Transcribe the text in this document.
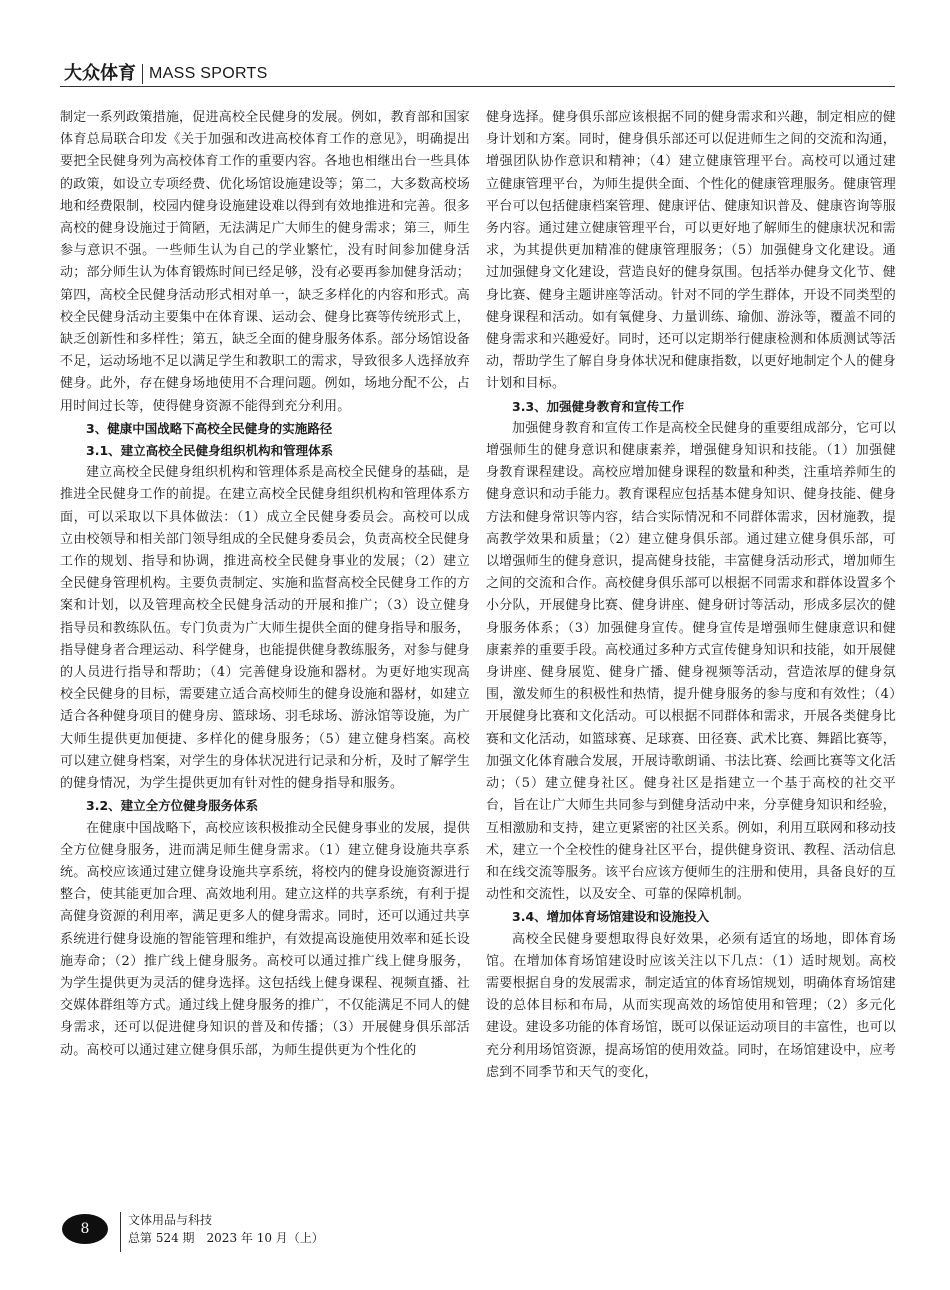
大众体育 MASS SPORTS

制定一系列政策措施，促进高校全民健身的发展。例如，教育部和国家体育总局联合印发《关于加强和改进高校体育工作的意见》，明确提出要把全民健身列为高校体育工作的重要内容。各地也相继出台一些具体的政策，如设立专项经费、优化场馆设施建设等；第二，大多数高校场地和经费限制，校园内健身设施建设难以得到有效地推进和完善。很多高校的健身设施过于简陋，无法满足广大师生的健身需求；第三，师生参与意识不强。一些师生认为自己的学业繁忙，没有时间参加健身活动；部分师生认为体育锻炼时间已经足够，没有必要再参加健身活动；第四，高校全民健身活动形式相对单一，缺乏多样化的内容和形式。高校全民健身活动主要集中在体育课、运动会、健身比赛等传统形式上，缺乏创新性和多样性；第五，缺乏全面的健身服务体系。部分场馆设备不足，运动场地不足以满足学生和教职工的需求，导致很多人选择放弃健身。此外，存在健身场地使用不合理问题。例如，场地分配不公，占用时间过长等，使得健身资源不能得到充分利用。

3、健康中国战略下高校全民健身的实施路径
3.1、建立高校全民健身组织机构和管理体系

建立高校全民健身组织机构和管理体系是高校全民健身的基础，是推进全民健身工作的前提。在建立高校全民健身组织机构和管理体系方面，可以采取以下具体做法：（1）成立全民健身委员会。高校可以成立由校领导和相关部门领导组成的全民健身委员会，负责高校全民健身工作的规划、指导和协调，推进高校全民健身事业的发展；（2）建立全民健身管理机构。主要负责制定、实施和监督高校全民健身工作的方案和计划，以及管理高校全民健身活动的开展和推广；（3）设立健身指导员和教练队伍。专门负责为广大师生提供全面的健身指导和服务，指导健身者合理运动、科学健身，也能提供健身教练服务，对参与健身的人员进行指导和帮助；（4）完善健身设施和器材。为更好地实现高校全民健身的目标，需要建立适合高校师生的健身设施和器材，如建立适合各种健身项目的健身房、篮球场、羽毛球场、游泳馆等设施，为广大师生提供更加便捷、多样化的健身服务；（5）建立健身档案。高校可以建立健身档案，对学生的身体状况进行记录和分析，及时了解学生的健身情况，为学生提供更加有针对性的健身指导和服务。

3.2、建立全方位健身服务体系

在健康中国战略下，高校应该积极推动全民健身事业的发展，提供全方位健身服务，进而满足师生健身需求。（1）建立健身设施共享系统。高校应该通过建立健身设施共享系统，将校内的健身设施资源进行整合，使其能更加合理、高效地利用。建立这样的共享系统，有利于提高健身资源的利用率，满足更多人的健身需求。同时，还可以通过共享系统进行健身设施的智能管理和维护，有效提高设施使用效率和延长设施寿命；（2）推广线上健身服务。高校可以通过推广线上健身服务，为学生提供更为灵活的健身选择。这包括线上健身课程、视频直播、社交媒体群组等方式。通过线上健身服务的推广，不仅能满足不同人的健身需求，还可以促进健身知识的普及和传播；（3）开展健身俱乐部活动。高校可以通过建立健身俱乐部，为师生提供更为个性化的

健身选择。健身俱乐部应该根据不同的健身需求和兴趣，制定相应的健身计划和方案。同时，健身俱乐部还可以促进师生之间的交流和沟通，增强团队协作意识和精神；（4）建立健康管理平台。高校可以通过建立健康管理平台，为师生提供全面、个性化的健康管理服务。健康管理平台可以包括健康档案管理、健康评估、健康知识普及、健康咨询等服务内容。通过建立健康管理平台，可以更好地了解师生的健康状况和需求，为其提供更加精准的健康管理服务；（5）加强健身文化建设。通过加强健身文化建设，营造良好的健身氛围。包括举办健身文化节、健身比赛、健身主题讲座等活动。针对不同的学生群体，开设不同类型的健身课程和活动。如有氧健身、力量训练、瑜伽、游泳等，覆盖不同的健身需求和兴趣爱好。同时，还可以定期举行健康检测和体质测试等活动，帮助学生了解自身身体状况和健康指数，以更好地制定个人的健身计划和目标。

3.3、加强健身教育和宣传工作

加强健身教育和宣传工作是高校全民健身的重要组成部分，它可以增强师生的健身意识和健康素养，增强健身知识和技能。（1）加强健身教育课程建设。高校应增加健身课程的数量和种类，注重培养师生的健身意识和动手能力。教育课程应包括基本健身知识、健身技能、健身方法和健身常识等内容，结合实际情况和不同群体需求，因材施教，提高教学效果和质量；（2）建立健身俱乐部。通过建立健身俱乐部，可以增强师生的健身意识，提高健身技能，丰富健身活动形式，增加师生之间的交流和合作。高校健身俱乐部可以根据不同需求和群体设置多个小分队，开展健身比赛、健身讲座、健身研讨等活动，形成多层次的健身服务体系；（3）加强健身宣传。健身宣传是增强师生健康意识和健康素养的重要手段。高校通过多种方式宣传健身知识和技能，如开展健身讲座、健身展览、健身广播、健身视频等活动，营造浓厚的健身氛围，激发师生的积极性和热情，提升健身服务的参与度和有效性；（4）开展健身比赛和文化活动。可以根据不同群体和需求，开展各类健身比赛和文化活动，如篮球赛、足球赛、田径赛、武术比赛、舞蹈比赛等，加强文化体育融合发展，开展诗歌朗诵、书法比赛、绘画比赛等文化活动；（5）建立健身社区。健身社区是指建立一个基于高校的社交平台，旨在让广大师生共同参与到健身活动中来，分享健身知识和经验，互相激励和支持，建立更紧密的社区关系。例如，利用互联网和移动技术，建立一个全校性的健身社区平台，提供健身资讯、教程、活动信息和在线交流等服务。该平台应该方便师生的注册和使用，具备良好的互动性和交流性，以及安全、可靠的保障机制。

3.4、增加体育场馆建设和设施投入

高校全民健身要想取得良好效果，必须有适宜的场地，即体育场馆。在增加体育场馆建设时应该关注以下几点：（1）适时规划。高校需要根据自身的发展需求，制定适宜的体育场馆规划，明确体育场馆建设的总体目标和布局，从而实现高效的场馆使用和管理；（2）多元化建设。建设多功能的体育场馆，既可以保证运动项目的丰富性，也可以充分利用场馆资源，提高场馆的使用效益。同时，在场馆建设中，应考虑到不同季节和天气的变化，

8
文体用品与科技
总第 524 期　2023 年 10 月（上）
